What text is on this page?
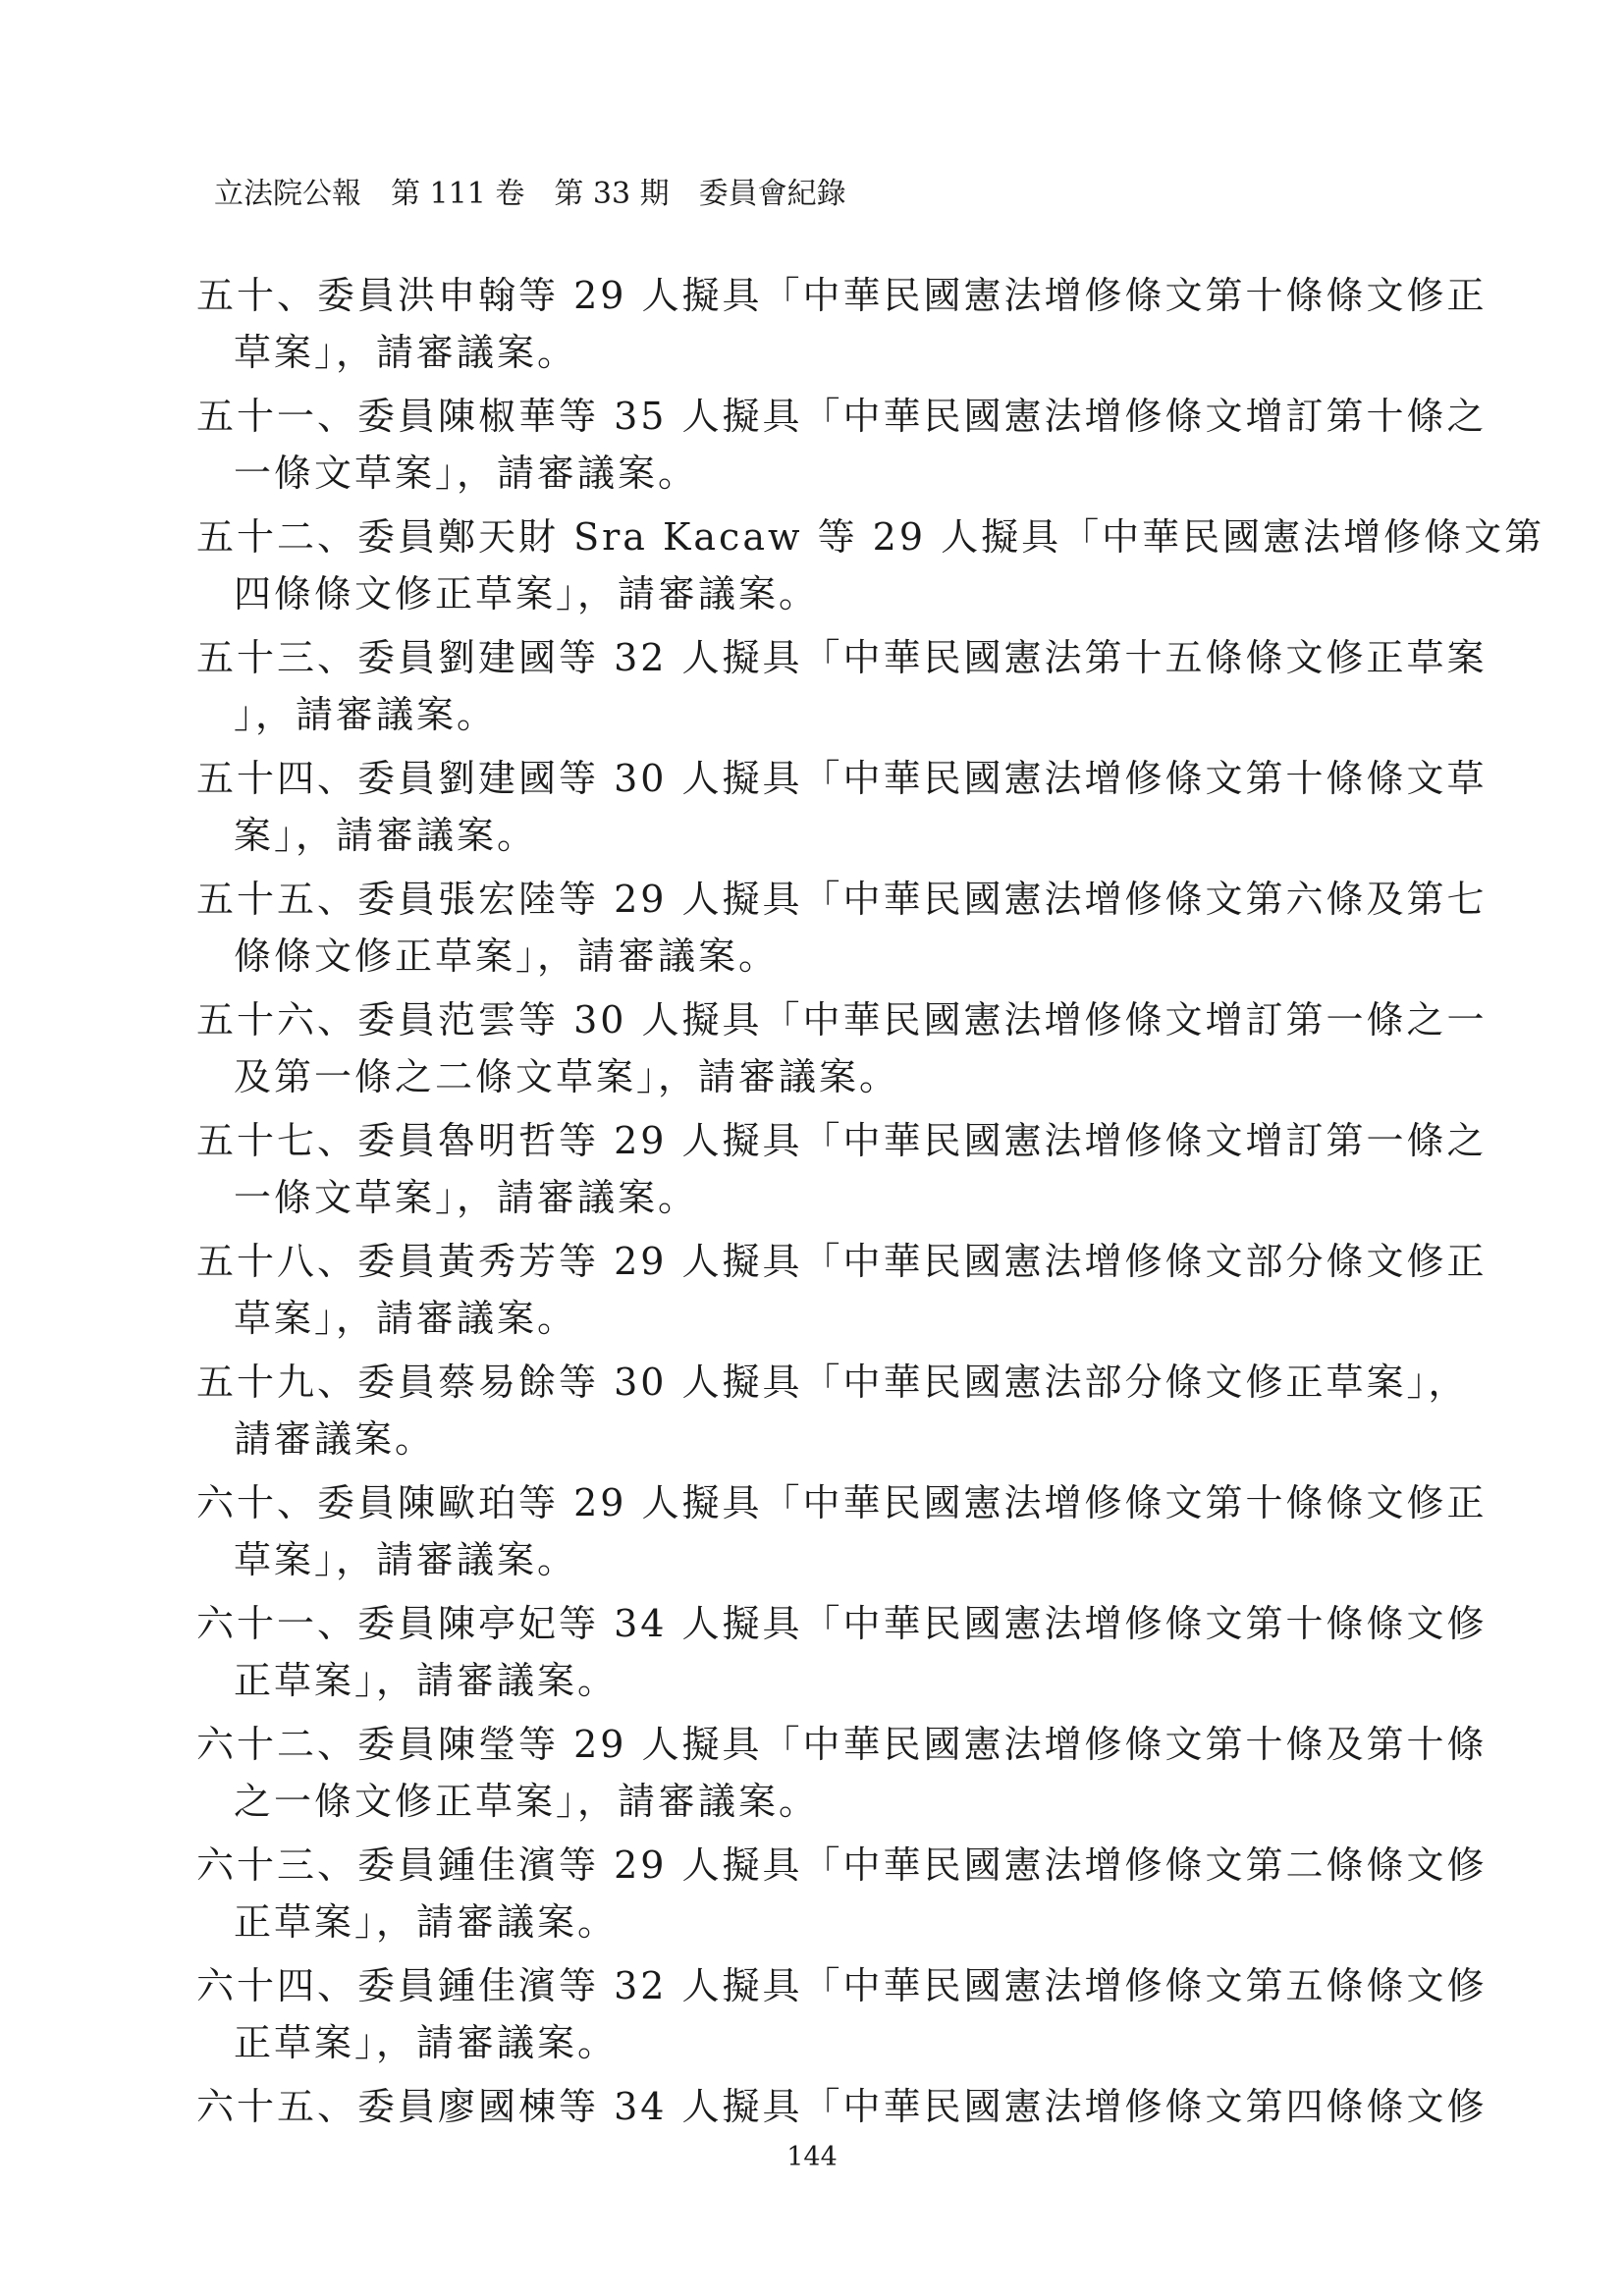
立法院公報　第 111 卷　第 33 期　委員會紀錄
五十、委員洪申翰等 29 人擬具「中華民國憲法增修條文第十條條文修正
草案」，請審議案。
五十一、委員陳椒華等 35 人擬具「中華民國憲法增修條文增訂第十條之
一條文草案」，請審議案。
五十二、委員鄭天財 Sra Kacaw 等 29 人擬具「中華民國憲法增修條文第
四條條文修正草案」，請審議案。
五十三、委員劉建國等 32 人擬具「中華民國憲法第十五條條文修正草案
」，請審議案。
五十四、委員劉建國等 30 人擬具「中華民國憲法增修條文第十條條文草
案」，請審議案。
五十五、委員張宏陸等 29 人擬具「中華民國憲法增修條文第六條及第七
條條文修正草案」，請審議案。
五十六、委員范雲等 30 人擬具「中華民國憲法增修條文增訂第一條之一
及第一條之二條文草案」，請審議案。
五十七、委員魯明哲等 29 人擬具「中華民國憲法增修條文增訂第一條之
一條文草案」，請審議案。
五十八、委員黃秀芳等 29 人擬具「中華民國憲法增修條文部分條文修正
草案」，請審議案。
五十九、委員蔡易餘等 30 人擬具「中華民國憲法部分條文修正草案」，
請審議案。
六十、委員陳歐珀等 29 人擬具「中華民國憲法增修條文第十條條文修正
草案」，請審議案。
六十一、委員陳亭妃等 34 人擬具「中華民國憲法增修條文第十條條文修
正草案」，請審議案。
六十二、委員陳瑩等 29 人擬具「中華民國憲法增修條文第十條及第十條
之一條文修正草案」，請審議案。
六十三、委員鍾佳濱等 29 人擬具「中華民國憲法增修條文第二條條文修
正草案」，請審議案。
六十四、委員鍾佳濱等 32 人擬具「中華民國憲法增修條文第五條條文修
正草案」，請審議案。
六十五、委員廖國棟等 34 人擬具「中華民國憲法增修條文第四條條文修
144
